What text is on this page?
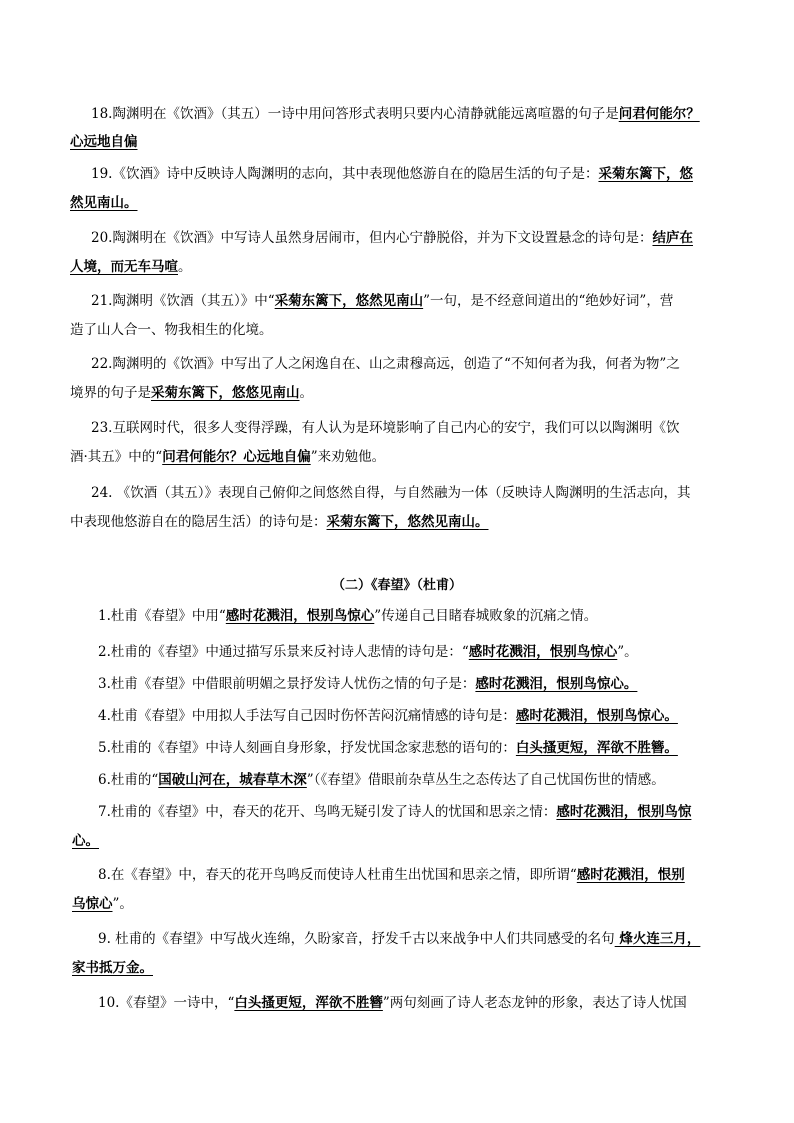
18.陶渊明在《饮酒》（其五）一诗中用问答形式表明只要内心清静就能远离喧嚣的句子是问君何能尔？
心远地自偏
19.《饮酒》诗中反映诗人陶渊明的志向，其中表现他悠游自在的隐居生活的句子是：采菊东篱下，悠
然见南山。
20.陶渊明在《饮酒》中写诗人虽然身居闹市，但内心宁静脱俗，并为下文设置悬念的诗句是：结庐在
人境，而无车马喧。
21.陶渊明《饮酒（其五）》中“采菊东篱下，悠然见南山”一句，是不经意间道出的“绝妙好词”，营
造了山人合一、物我相生的化境。
22.陶渊明的《饮酒》中写出了人之闲逸自在、山之肃穆高远，创造了“不知何者为我，何者为物”之
境界的句子是采菊东篱下，悠悠见南山。
23.互联网时代，很多人变得浮躁，有人认为是环境影响了自己内心的安宁，我们可以以陶渊明《饮
酒·其五》中的“问君何能尔？心远地自偏”来劝勉他。
24. 《饮酒（其五）》表现自己俯仰之间悠然自得，与自然融为一体（反映诗人陶渊明的生活志向，其
中表现他悠游自在的隐居生活）的诗句是：采菊东篱下，悠然见南山。
（二）《春望》（杜甫）
1.杜甫《春望》中用“感时花溅泪，恨别鸟惊心”传递自己目睹春城败象的沉痛之情。
2.杜甫的《春望》中通过描写乐景来反衬诗人悲情的诗句是：“感时花溅泪，恨别鸟惊心”。
3.杜甫《春望》中借眼前明媚之景抒发诗人忧伤之情的句子是：感时花溅泪，恨别鸟惊心。
4.杜甫《春望》中用拟人手法写自己因时伤怀苦闷沉痛情感的诗句是：感时花溅泪，恨别鸟惊心。
5.杜甫的《春望》中诗人刻画自身形象，抒发忧国念家悲愁的语句的：白头搔更短，浑欲不胜簪。
6.杜甫的“国破山河在，城春草木深”（《春望》借眼前杂草丛生之态传达了自己忧国伤世的情感。
7.杜甫的《春望》中，春天的花开、鸟鸣无疑引发了诗人的忧国和思亲之情：感时花溅泪，恨别鸟惊
心。
8.在《春望》中，春天的花开鸟鸣反而使诗人杜甫生出忧国和思亲之情，即所谓“感时花溅泪，恨别
乌惊心”。
9. 杜甫的《春望》中写战火连绵，久盼家音，抒发千古以来战争中人们共同感受的名句 烽火连三月，
家书抵万金。
10.《春望》一诗中，“白头搔更短，浑欲不胜簪”两句刻画了诗人老态龙钟的形象，表达了诗人忧国
